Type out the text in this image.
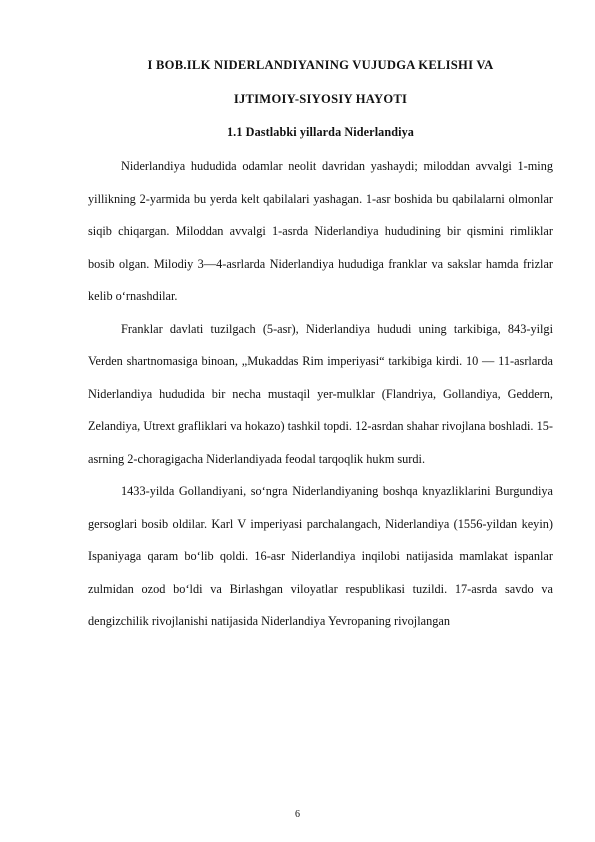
I BOB.ILK NIDERLANDIYANING VUJUDGA KELISHI VA
IJTIMOIY-SIYOSIY HAYOTI
1.1 Dastlabki yillarda Niderlandiya

Niderlandiya hududida odamlar neolit davridan yashaydi; miloddan avvalgi 1-ming yillikning 2-yarmida bu yerda kelt qabilalari yashagan. 1-asr boshida bu qabilalarni olmonlar siqib chiqargan. Miloddan avvalgi 1-asrda Niderlandiya hududining bir qismini rimliklar bosib olgan. Milodiy 3—4-asrlarda Niderlandiya hududiga franklar va sakslar hamda frizlar kelib oʻrnashdilar.

Franklar davlati tuzilgach (5-asr), Niderlandiya hududi uning tarkibiga, 843-yilgi Verden shartnomasiga binoan, „Mukaddas Rim imperiyasi“ tarkibiga kirdi. 10 — 11-asrlarda Niderlandiya hududida bir necha mustaqil yer-mulklar (Flandriya, Gollandiya, Geddern, Zelandiya, Utrext grafliklari va hokazo) tashkil topdi. 12-asrdan shahar rivojlana boshladi. 15-asrning 2-choragigacha Niderlandiyada feodal tarqoqlik hukm surdi.

1433-yilda Gollandiyani, soʻngra Niderlandiyaning boshqa knyazliklarini Burgundiya gersoglari bosib oldilar. Karl V imperiyasi parchalangach, Niderlandiya (1556-yildan keyin) Ispaniyaga qaram boʻlib qoldi. 16-asr Niderlandiya inqilobi natijasida mamlakat ispanlar zulmidan ozod boʻldi va Birlashgan viloyatlar respublikasi tuzildi. 17-asrda savdo va dengizchilik rivojlanishi natijasida Niderlandiya Yevropaning rivojlangan

6
